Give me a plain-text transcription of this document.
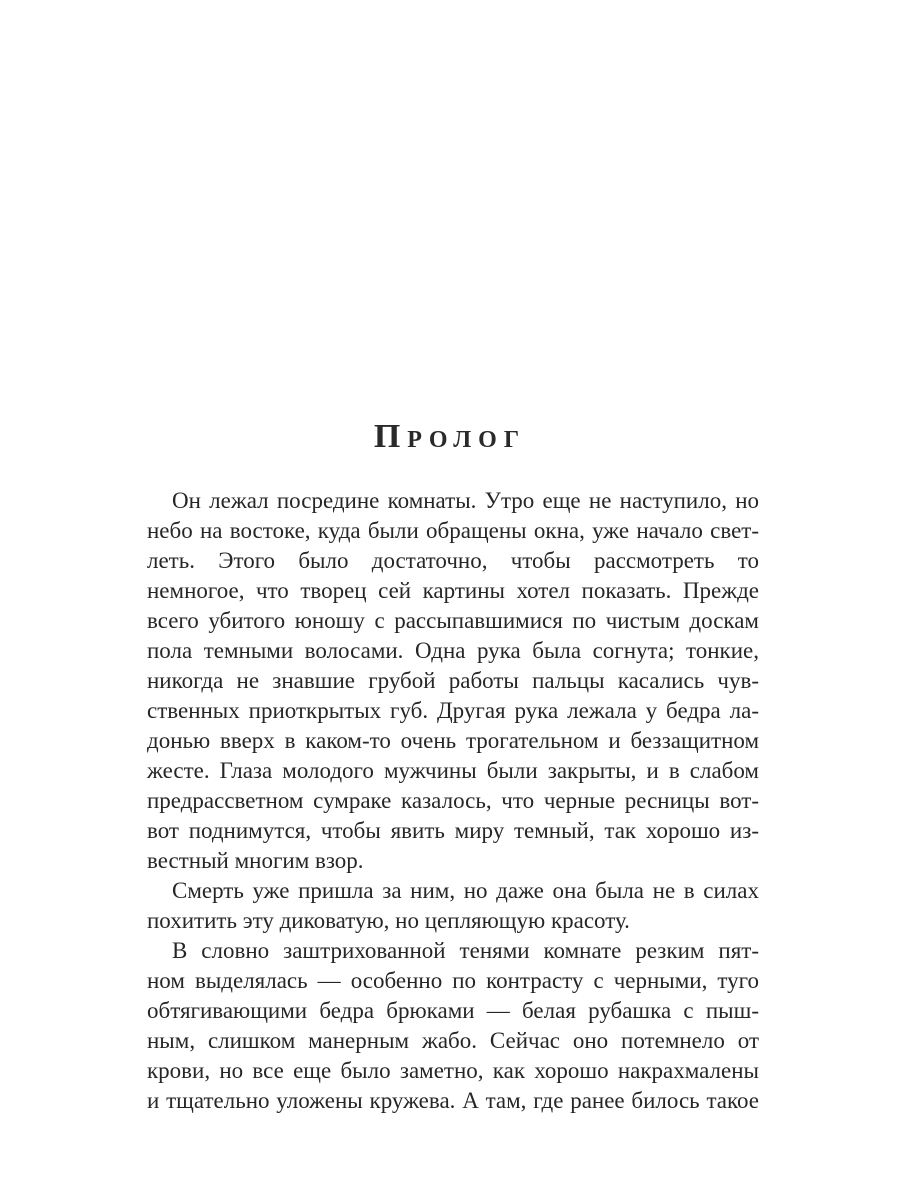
Пролог
Он лежал посредине комнаты. Утро еще не наступило, но
небо на востоке, куда были обращены окна, уже начало свет-
леть. Этого было достаточно, чтобы рассмотреть то
немногое, что творец сей картины хотел показать. Прежде
всего убитого юношу с рассыпавшимися по чистым доскам
пола темными волосами. Одна рука была согнута; тонкие,
никогда не знавшие грубой работы пальцы касались чув-
ственных приоткрытых губ. Другая рука лежала у бедра ла-
донью вверх в каком-то очень трогательном и беззащитном
жесте. Глаза молодого мужчины были закрыты, и в слабом
предрассветном сумраке казалось, что черные ресницы вот-
вот поднимутся, чтобы явить миру темный, так хорошо из-
вестный многим взор.
Смерть уже пришла за ним, но даже она была не в силах
похитить эту диковатую, но цепляющую красоту.
В словно заштрихованной тенями комнате резким пят-
ном выделялась — особенно по контрасту с черными, туго
обтягивающими бедра брюками — белая рубашка с пыш-
ным, слишком манерным жабо. Сейчас оно потемнело от
крови, но все еще было заметно, как хорошо накрахмалены
и тщательно уложены кружева. А там, где ранее билось такое
